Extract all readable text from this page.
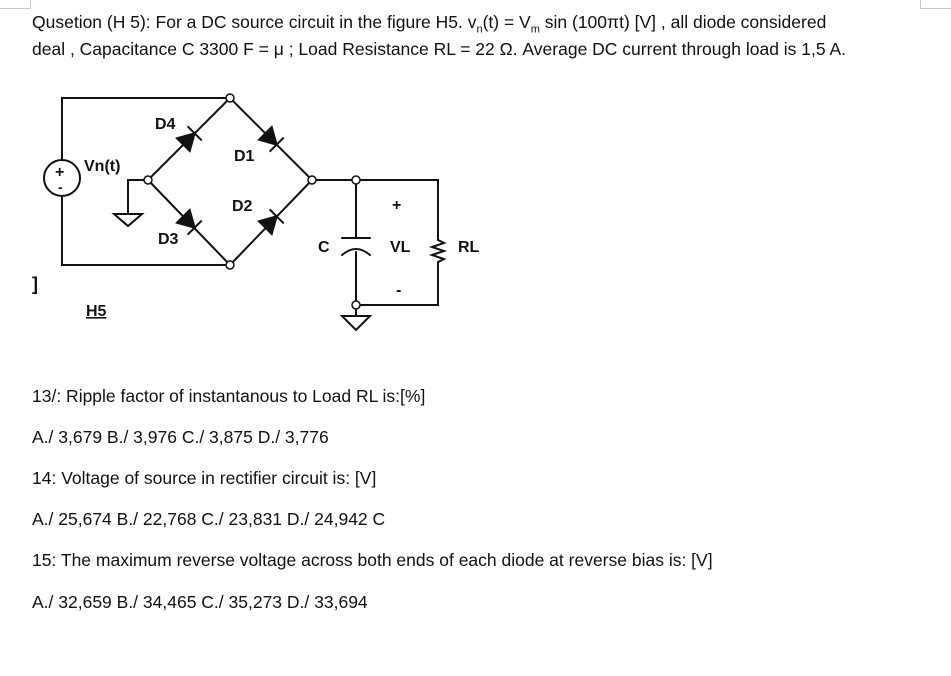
Qusetion (H 5): For a DC source circuit in the figure H5. $v_n(t) = V_m$ sin (100πt) [V] , all diode considered
deal , Capacitance C 3300 F = μ ; Load Resistance RL = 22 Ω. Average DC current through load is 1,5 A.
+
-
Vn(t)
D4
D1
D2
D3	C
+
VL
-
RL
]
H5
13/: Ripple factor of instantanous to Load RL is:[%]
A./ 3,679 B./ 3,976 C./ 3,875 D./ 3,776
14: Voltage of source in rectifier circuit is: [V]
A./ 25,674 B./ 22,768 C./ 23,831 D./ 24,942 C
15: The maximum reverse voltage across both ends of each diode at reverse bias is: [V]
A./ 32,659 B./ 34,465 C./ 35,273 D./ 33,694
